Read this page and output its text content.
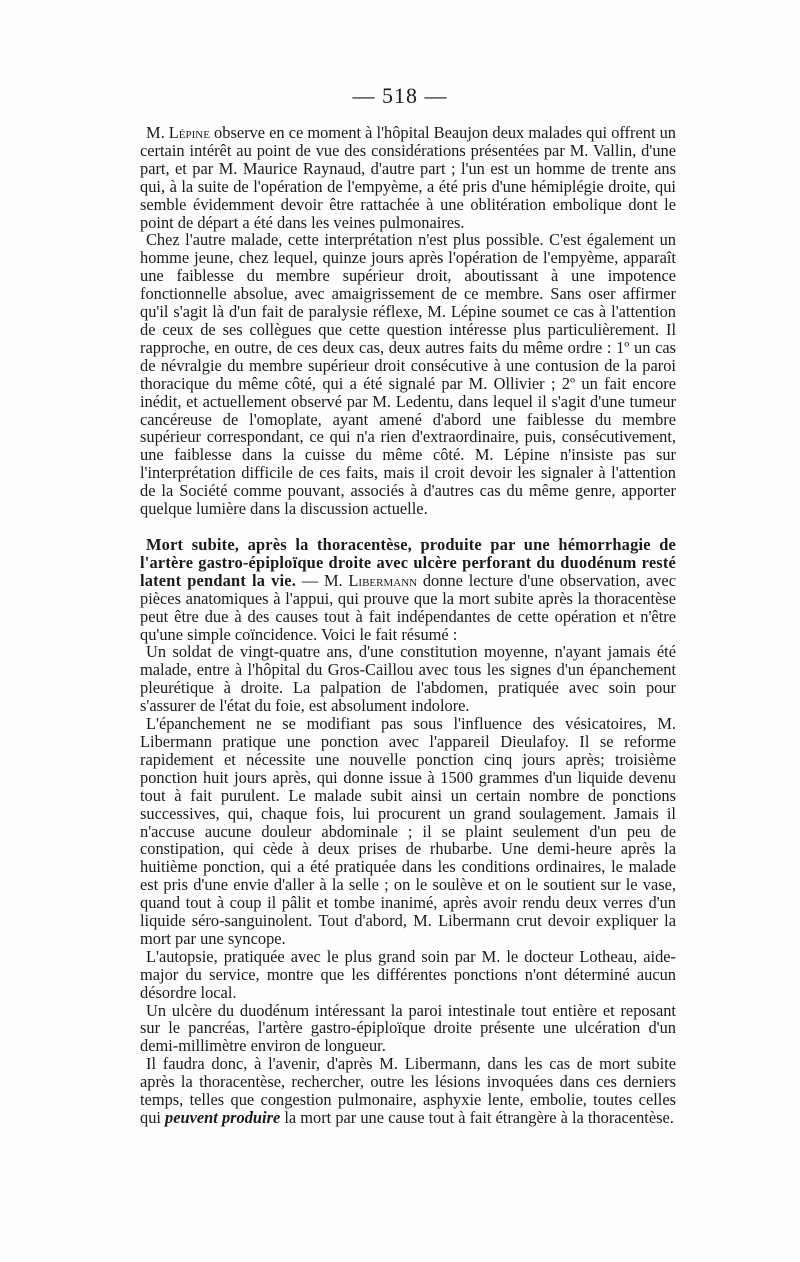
— 518 —

M. Lépine observe en ce moment à l'hôpital Beaujon deux malades qui offrent un certain intérêt au point de vue des considérations présentées par M. Vallin, d'une part, et par M. Maurice Raynaud, d'autre part ; l'un est un homme de trente ans qui, à la suite de l'opération de l'empyème, a été pris d'une hémiplégie droite, qui semble évidemment devoir être rattachée à une oblitération embolique dont le point de départ a été dans les veines pulmonaires.

Chez l'autre malade, cette interprétation n'est plus possible. C'est également un homme jeune, chez lequel, quinze jours après l'opération de l'empyème, apparaît une faiblesse du membre supérieur droit, aboutissant à une impotence fonctionnelle absolue, avec amaigrissement de ce membre. Sans oser affirmer qu'il s'agit là d'un fait de paralysie réflexe, M. Lépine soumet ce cas à l'attention de ceux de ses collègues que cette question intéresse plus particulièrement. Il rapproche, en outre, de ces deux cas, deux autres faits du même ordre : 1º un cas de névralgie du membre supérieur droit consécutive à une contusion de la paroi thoracique du même côté, qui a été signalé par M. Ollivier ; 2º un fait encore inédit, et actuellement observé par M. Ledentu, dans lequel il s'agit d'une tumeur cancéreuse de l'omoplate, ayant amené d'abord une faiblesse du membre supérieur correspondant, ce qui n'a rien d'extraordinaire, puis, consécutivement, une faiblesse dans la cuisse du même côté. M. Lépine n'insiste pas sur l'interprétation difficile de ces faits, mais il croit devoir les signaler à l'attention de la Société comme pouvant, associés à d'autres cas du même genre, apporter quelque lumière dans la discussion actuelle.

Mort subite, après la thoracentèse, produite par une hémorrhagie de l'artère gastro-épiploïque droite avec ulcère perforant du duodénum resté latent pendant la vie. — M. Libermann donne lecture d'une observation, avec pièces anatomiques à l'appui, qui prouve que la mort subite après la thoracentèse peut être due à des causes tout à fait indépendantes de cette opération et n'être qu'une simple coïncidence. Voici le fait résumé :

Un soldat de vingt-quatre ans, d'une constitution moyenne, n'ayant jamais été malade, entre à l'hôpital du Gros-Caillou avec tous les signes d'un épanchement pleurétique à droite. La palpation de l'abdomen, pratiquée avec soin pour s'assurer de l'état du foie, est absolument indolore.

L'épanchement ne se modifiant pas sous l'influence des vésicatoires, M. Libermann pratique une ponction avec l'appareil Dieulafoy. Il se reforme rapidement et nécessite une nouvelle ponction cinq jours après; troisième ponction huit jours après, qui donne issue à 1500 grammes d'un liquide devenu tout à fait purulent. Le malade subit ainsi un certain nombre de ponctions successives, qui, chaque fois, lui procurent un grand soulagement. Jamais il n'accuse aucune douleur abdominale ; il se plaint seulement d'un peu de constipation, qui cède à deux prises de rhubarbe. Une demi-heure après la huitième ponction, qui a été pratiquée dans les conditions ordinaires, le malade est pris d'une envie d'aller à la selle ; on le soulève et on le soutient sur le vase, quand tout à coup il pâlit et tombe inanimé, après avoir rendu deux verres d'un liquide séro-sanguinolent. Tout d'abord, M. Libermann crut devoir expliquer la mort par une syncope.

L'autopsie, pratiquée avec le plus grand soin par M. le docteur Lotheau, aide-major du service, montre que les différentes ponctions n'ont déterminé aucun désordre local.

Un ulcère du duodénum intéressant la paroi intestinale tout entière et reposant sur le pancréas, l'artère gastro-épiploïque droite présente une ulcération d'un demi-millimètre environ de longueur.

Il faudra donc, à l'avenir, d'après M. Libermann, dans les cas de mort subite après la thoracentèse, rechercher, outre les lésions invoquées dans ces derniers temps, telles que congestion pulmonaire, asphyxie lente, embolie, toutes celles qui peuvent produire la mort par une cause tout à fait étrangère à la thoracentèse.
